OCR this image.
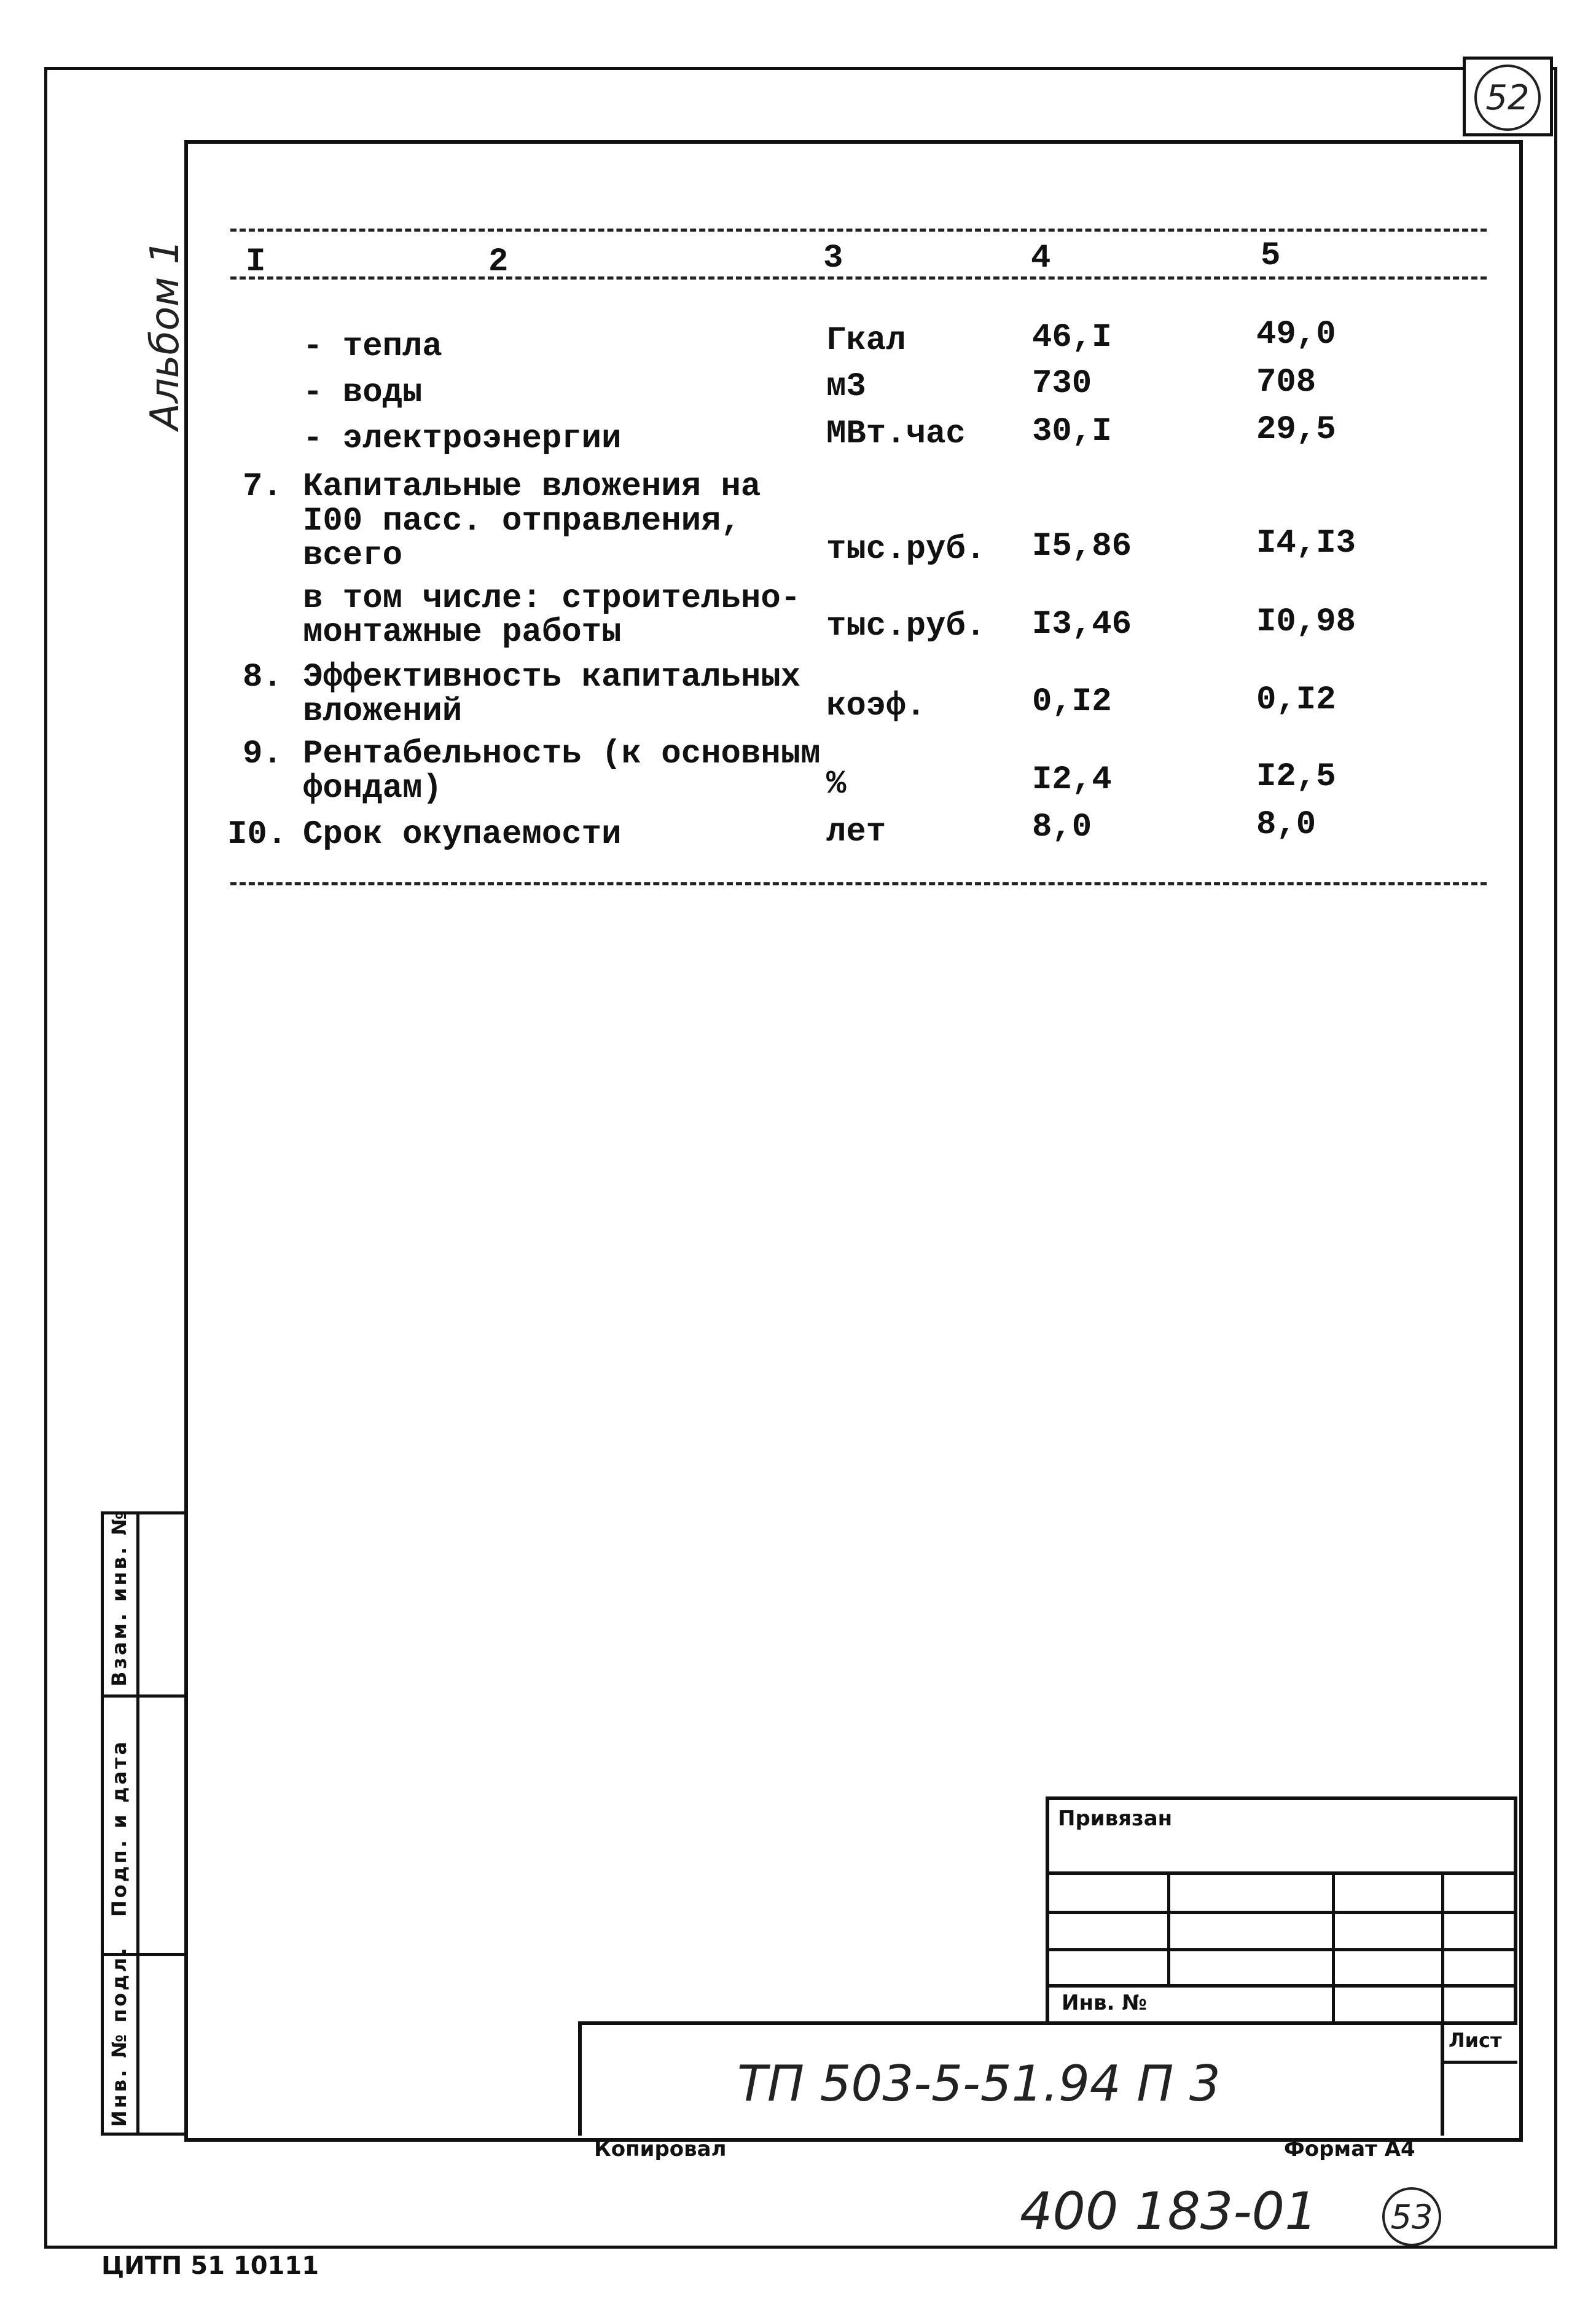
52
Альбом 1 I	2	3	4	5
- тепла	Гкал	46,I	49,0
- воды	м3	730	708
- электроэнергии	МВт.час 30,I	29,5
7. Капитальные вложения на
I00 пасс. отправления,
всего	тыс.руб. I5,86	I4,I3
в том числе: строительно-
монтажные работы	тыс.руб. I3,46	I0,98
8. Эффективность капитальных
вложений	коэф.	0,I2	0,I2
9. Рентабельность (к основным
фондам)	%	I2,4	I2,5
I0. Срок окупаемости	лет	8,0	8,0
Взам. инв. №
Подп. и дата
Инв. № подл.
Привязан
Инв. №
ТП 503-5-51.94 П 3
Лист
Копировал	Формат А4
400 183-01 53
ЦИТП 51 10111
